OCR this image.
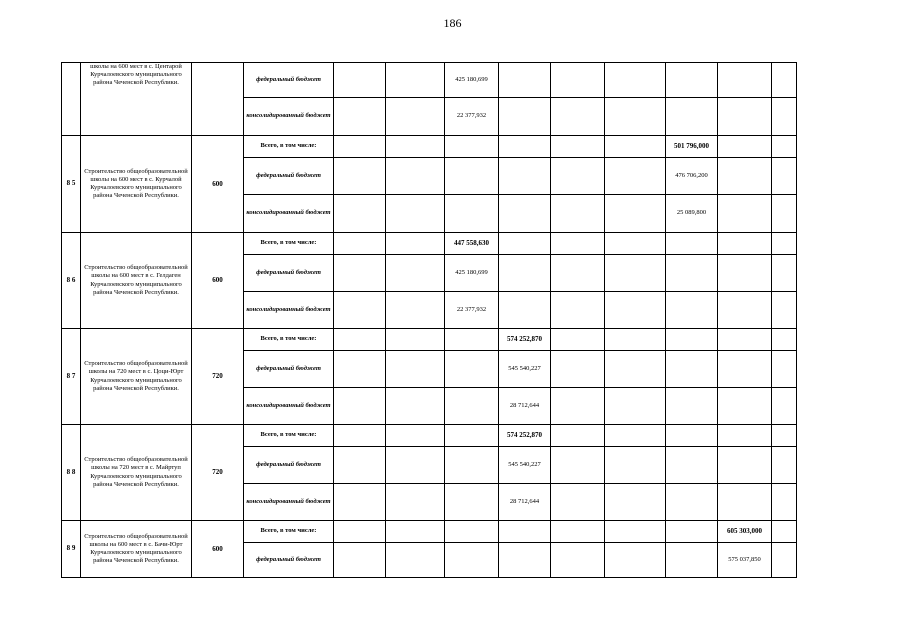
186
	школы на 600 мест в с. Центарой Курчалоевского муниципального района Чеченской Республики.		федеральный бюджет			425 180,699						
			консолидированный бюджет			22 377,932						
8 5	Строительство общеобразовательной школы на 600 мест в с. Курчалой Курчалоевского муниципального района Чеченской Республики.	600	Всего, в том числе:							501 796,000		
			федеральный бюджет							476 706,200		
			консолидированный бюджет							25 089,800		
8 6	Строительство общеобразовательной школы на 600 мест в с. Гелдаген Курчалоевского муниципального района Чеченской Республики.	600	Всего, в том числе:			447 558,630						
			федеральный бюджет			425 180,699						
			консолидированный бюджет			22 377,932						
8 7	Строительство общеобразовательной школы на 720 мест в с. Цоци-Юрт Курчалоевского муниципального района Чеченской Республики.	720	Всего, в том числе:				574 252,870					
			федеральный бюджет				545 540,227					
			консолидированный бюджет				28 712,644					
8 8	Строительство общеобразовательной школы на 720 мест в с. Майртуп Курчалоевского муниципального района Чеченской Республики.	720	Всего, в том числе:				574 252,870					
			федеральный бюджет				545 540,227					
			консолидированный бюджет				28 712,644					
8 9	Строительство общеобразовательной школы на 600 мест в с. Бачи-Юрт Курчалоевского муниципального района Чеченской Республики.	600	Всего, в том числе:								605 303,000	
			федеральный бюджет								575 037,850	
